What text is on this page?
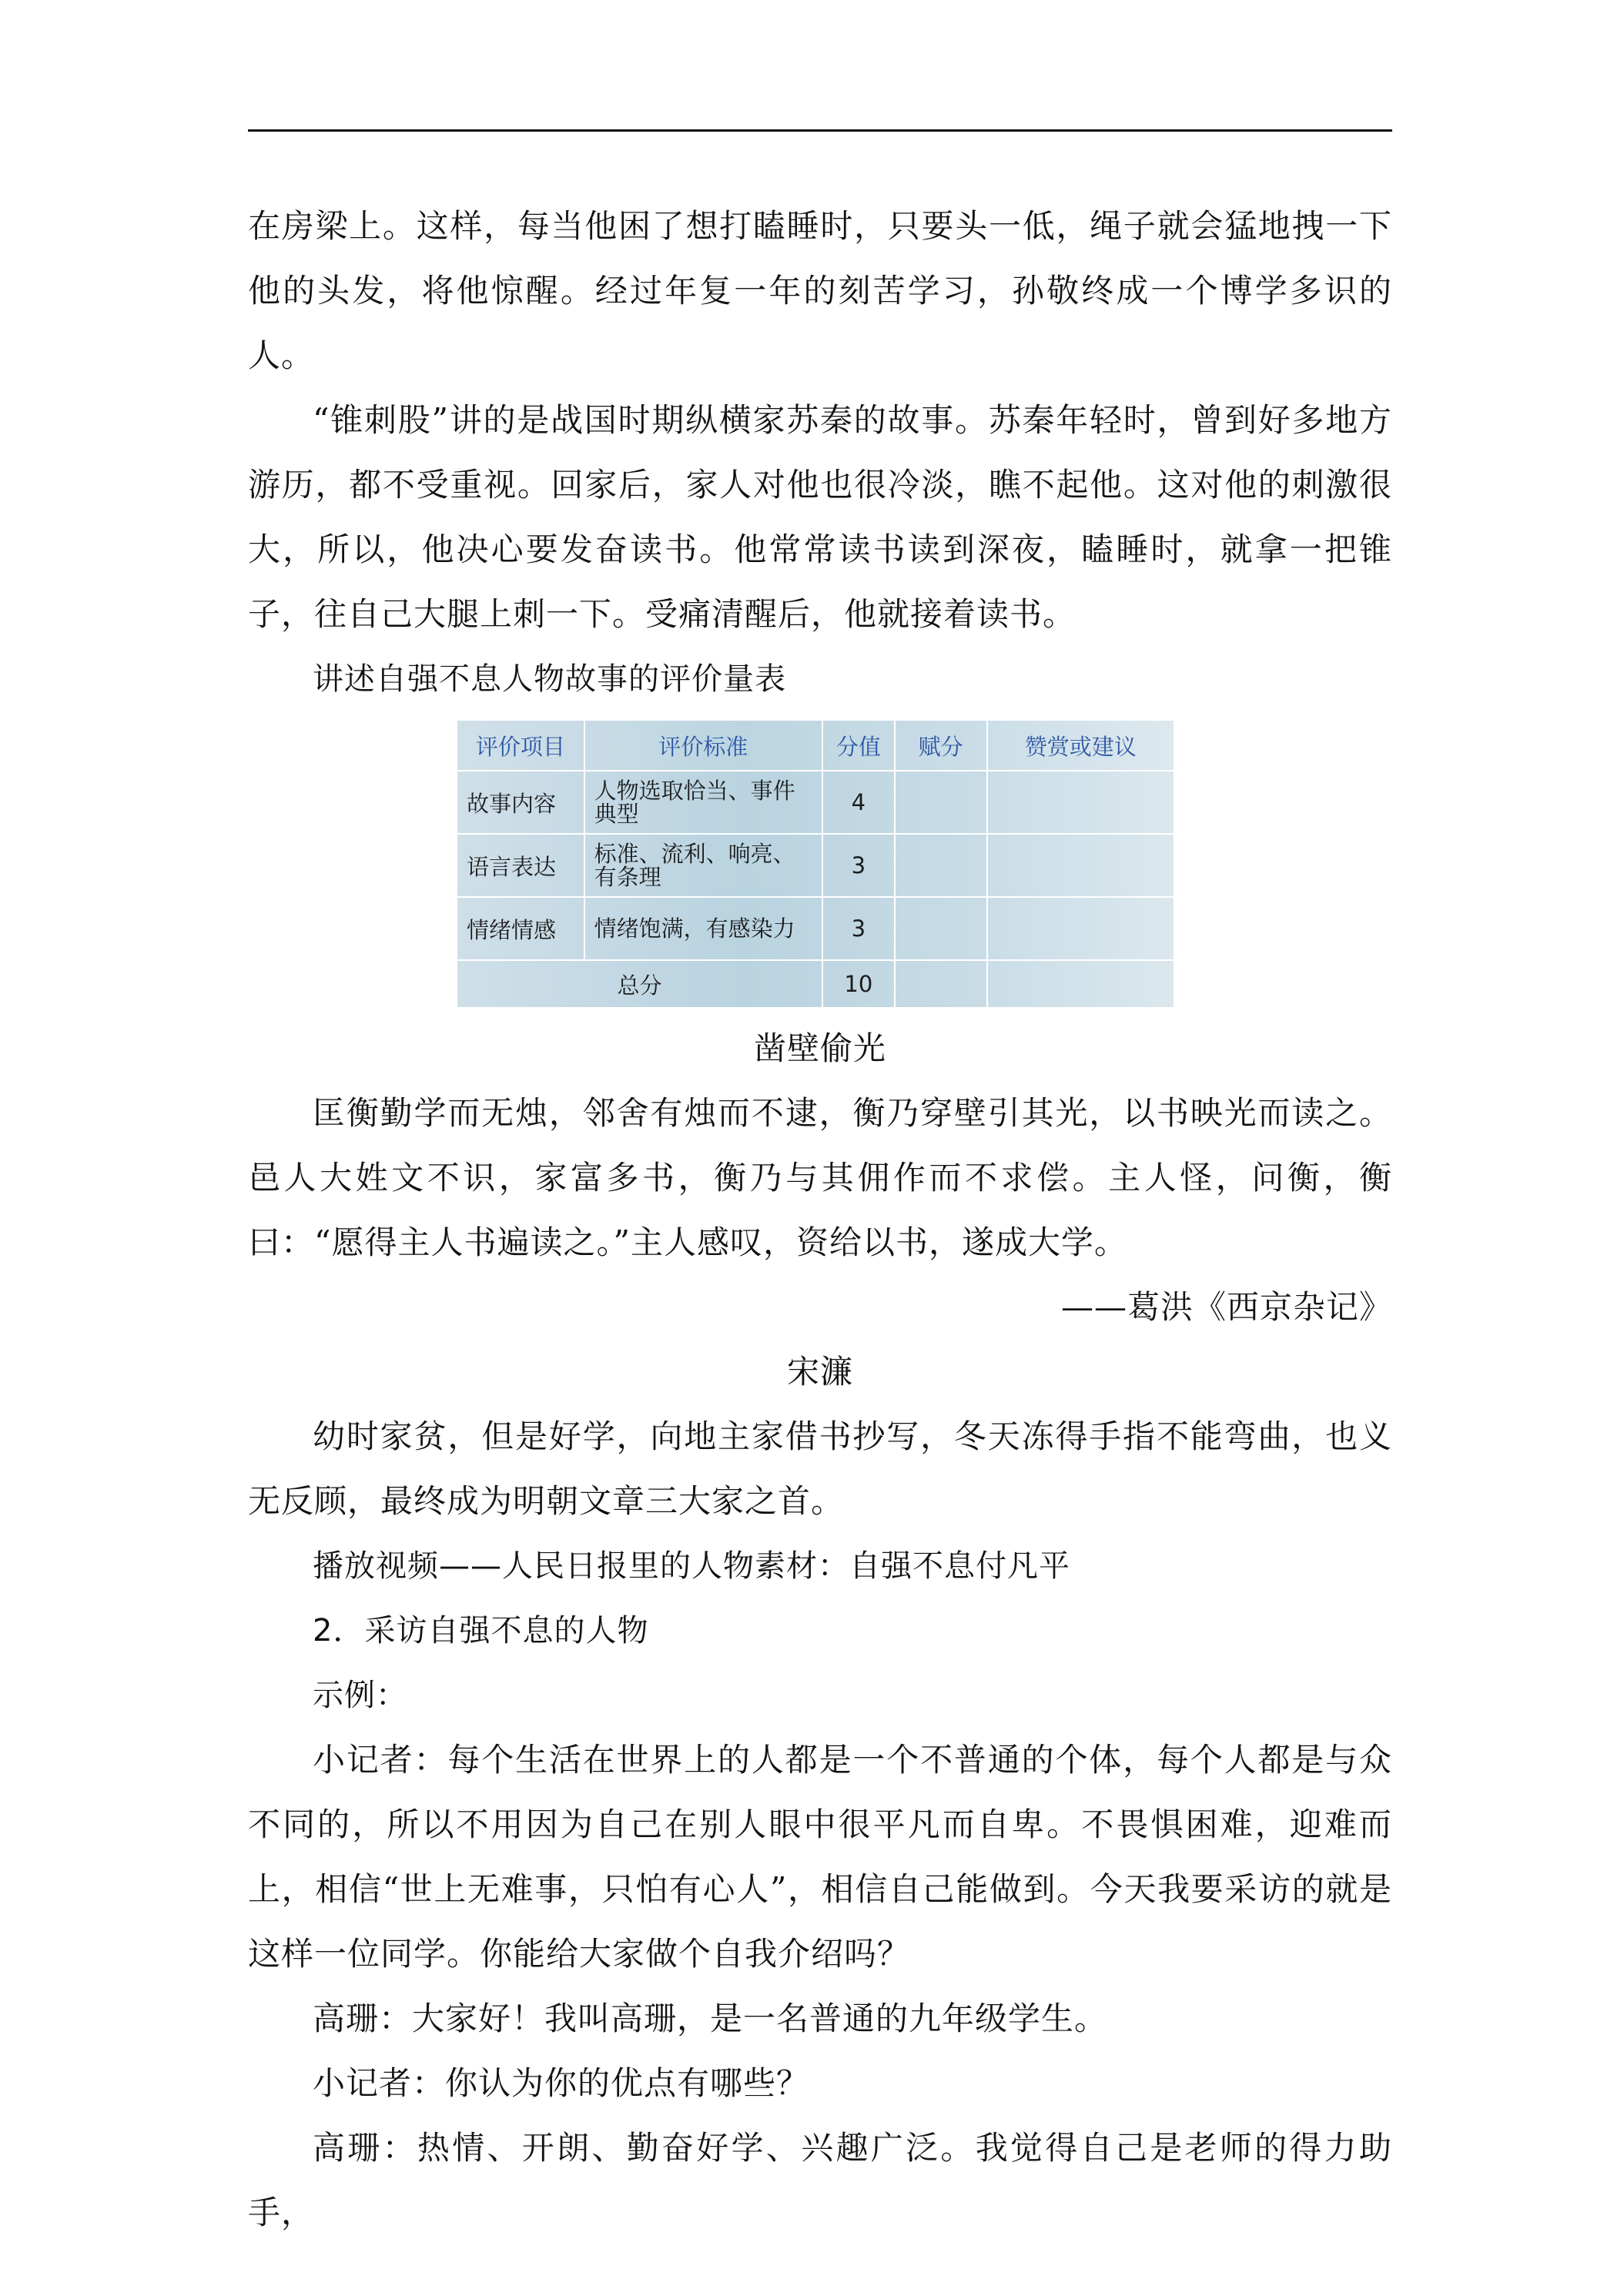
在房梁上。这样，每当他困了想打瞌睡时，只要头一低，绳子就会猛地拽一下他的头发，将他惊醒。经过年复一年的刻苦学习，孙敬终成一个博学多识的人。

“锥刺股”讲的是战国时期纵横家苏秦的故事。苏秦年轻时，曾到好多地方游历，都不受重视。回家后，家人对他也很冷淡，瞧不起他。这对他的刺激很大，所以，他决心要发奋读书。他常常读书读到深夜，瞌睡时，就拿一把锥子，往自己大腿上刺一下。受痛清醒后，他就接着读书。

讲述自强不息人物故事的评价量表

评价项目	评价标准	分值	赋分	赞赏或建议
故事内容	人物选取恰当、事件典型	4		
语言表达	标准、流利、响亮、有条理	3		
情绪情感	情绪饱满，有感染力	3		
总分		10		

凿壁偷光

匡衡勤学而无烛，邻舍有烛而不逮，衡乃穿壁引其光，以书映光而读之。邑人大姓文不识，家富多书，衡乃与其佣作而不求偿。主人怪，问衡，衡曰：“愿得主人书遍读之。”主人感叹，资给以书，遂成大学。

——葛洪《西京杂记》

宋濂

幼时家贫，但是好学，向地主家借书抄写，冬天冻得手指不能弯曲，也义无反顾，最终成为明朝文章三大家之首。

播放视频——人民日报里的人物素材：自强不息付凡平

2．采访自强不息的人物

示例：

小记者：每个生活在世界上的人都是一个不普通的个体，每个人都是与众不同的，所以不用因为自己在别人眼中很平凡而自卑。不畏惧困难，迎难而上，相信“世上无难事，只怕有心人”，相信自己能做到。今天我要采访的就是这样一位同学。你能给大家做个自我介绍吗？

高珊：大家好！我叫高珊，是一名普通的九年级学生。

小记者：你认为你的优点有哪些？

高珊：热情、开朗、勤奋好学、兴趣广泛。我觉得自己是老师的得力助手，
